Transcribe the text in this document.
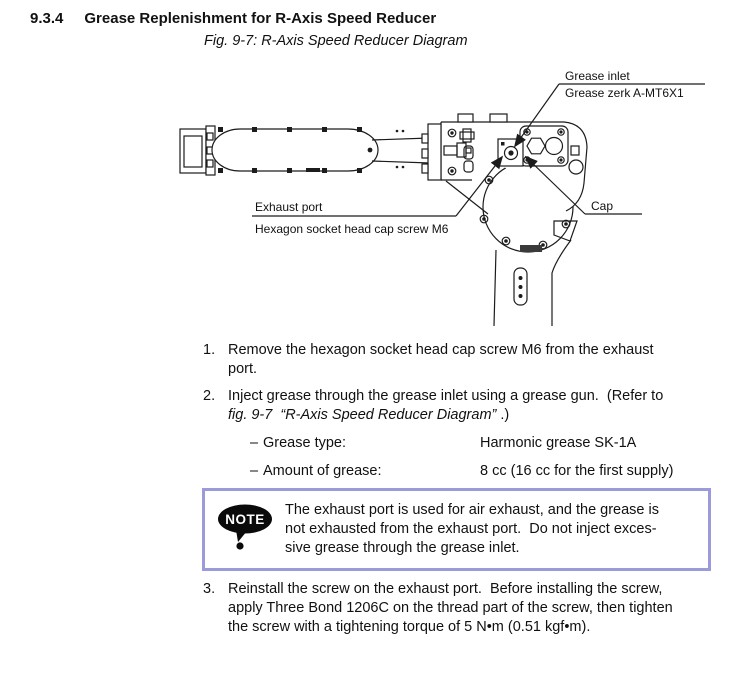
9.3.4 Grease Replenishment for R-Axis Speed Reducer
Fig. 9-7: R-Axis Speed Reducer Diagram
Grease inlet
Grease zerk A-MT6X1
Exhaust port
Hexagon socket head cap screw M6
Cap
1. Remove the hexagon socket head cap screw M6 from the exhaust
port.
2. Inject grease through the grease inlet using a grease gun.  (Refer to
fig. 9-7  “R-Axis Speed Reducer Diagram” .)
– Grease type:	Harmonic grease SK-1A
– Amount of grease:	8 cc (16 cc for the first supply)
NOTE
The exhaust port is used for air exhaust, and the grease is
not exhausted from the exhaust port.  Do not inject exces-
sive grease through the grease inlet.
3. Reinstall the screw on the exhaust port.  Before installing the screw,
apply Three Bond 1206C on the thread part of the screw, then tighten
the screw with a tightening torque of 5 N•m (0.51 kgf•m).
